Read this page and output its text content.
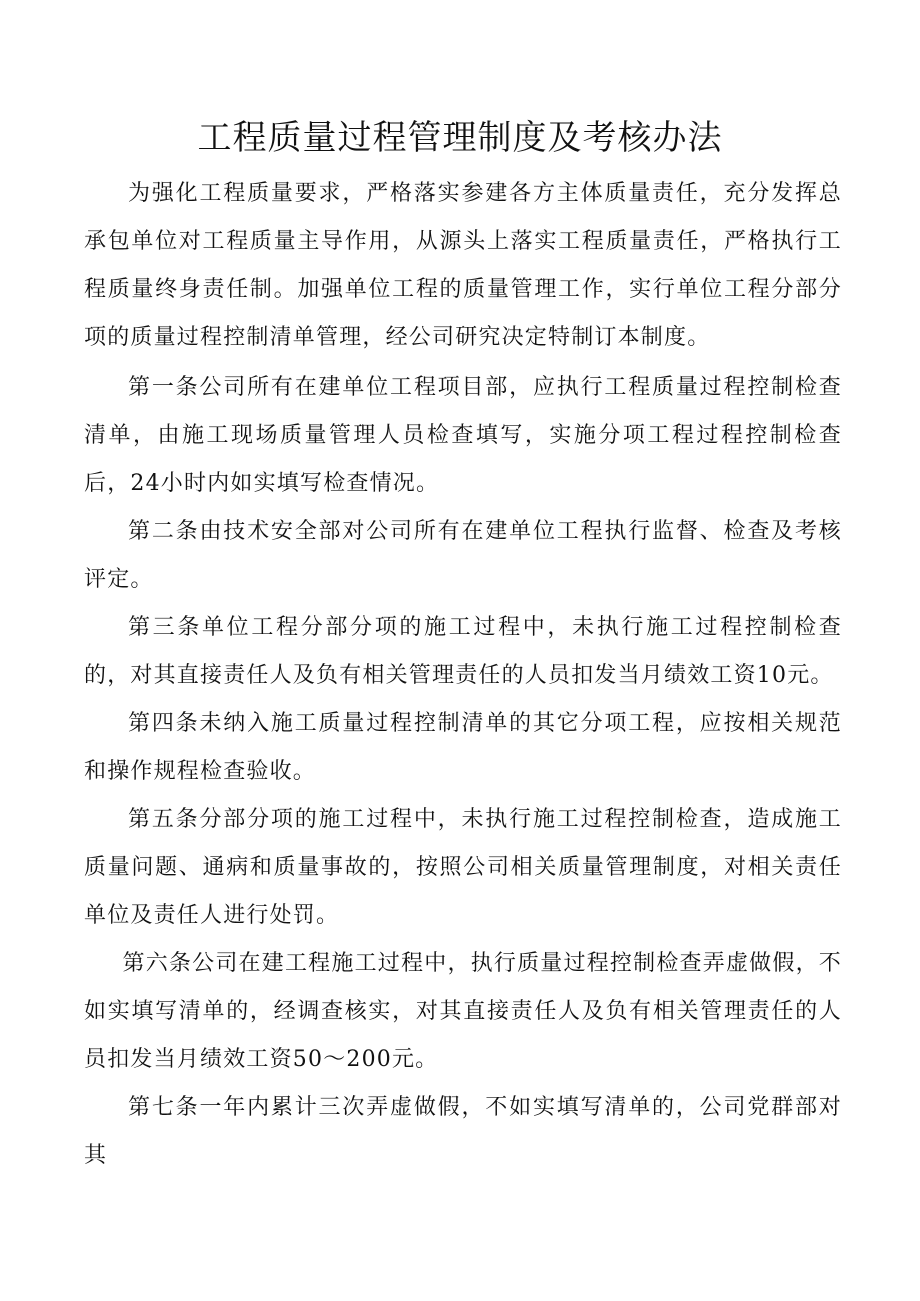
工程质量过程管理制度及考核办法

为强化工程质量要求，严格落实参建各方主体质量责任，充分发挥总承包单位对工程质量主导作用，从源头上落实工程质量责任，严格执行工程质量终身责任制。加强单位工程的质量管理工作，实行单位工程分部分项的质量过程控制清单管理，经公司研究决定特制订本制度。

第一条公司所有在建单位工程项目部，应执行工程质量过程控制检查清单，由施工现场质量管理人员检查填写，实施分项工程过程控制检查后，24小时内如实填写检查情况。

第二条由技术安全部对公司所有在建单位工程执行监督、检查及考核评定。

第三条单位工程分部分项的施工过程中，未执行施工过程控制检查的，对其直接责任人及负有相关管理责任的人员扣发当月绩效工资10元。

第四条未纳入施工质量过程控制清单的其它分项工程，应按相关规范和操作规程检查验收。

第五条分部分项的施工过程中，未执行施工过程控制检查，造成施工质量问题、通病和质量事故的，按照公司相关质量管理制度，对相关责任单位及责任人进行处罚。

第六条公司在建工程施工过程中，执行质量过程控制检查弄虚做假，不如实填写清单的，经调查核实，对其直接责任人及负有相关管理责任的人员扣发当月绩效工资50～200元。

第七条一年内累计三次弄虚做假，不如实填写清单的，公司党群部对其
